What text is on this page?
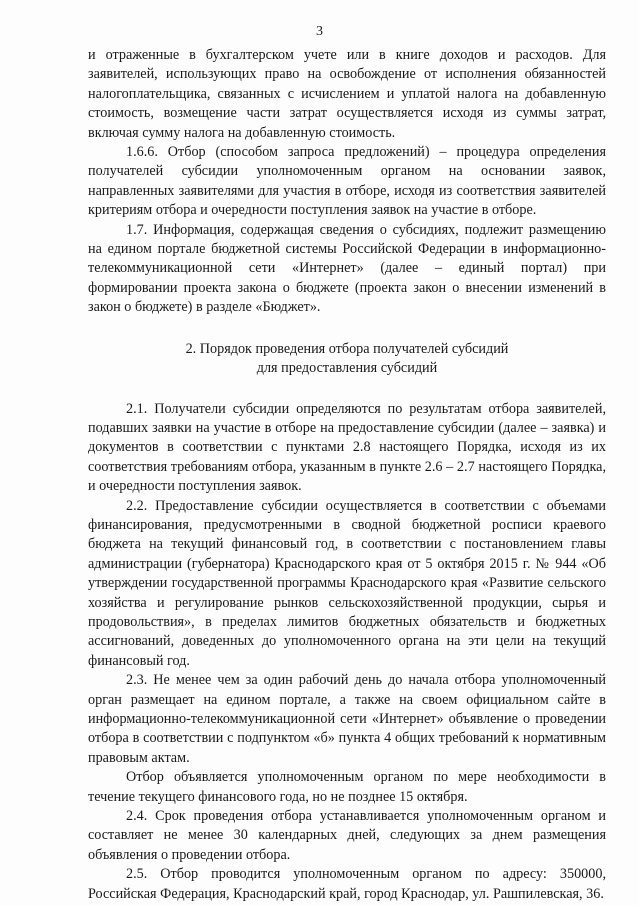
3

и отраженные в бухгалтерском учете или в книге доходов и расходов. Для заявителей, использующих право на освобождение от исполнения обязанностей налогоплательщика, связанных с исчислением и уплатой налога на добавленную стоимость, возмещение части затрат осуществляется исходя из суммы затрат, включая сумму налога на добавленную стоимость.

1.6.6. Отбор (способом запроса предложений) – процедура определения получателей субсидии уполномоченным органом на основании заявок, направленных заявителями для участия в отборе, исходя из соответствия заявителей критериям отбора и очередности поступления заявок на участие в отборе.

1.7. Информация, содержащая сведения о субсидиях, подлежит размещению на едином портале бюджетной системы Российской Федерации в информационно-телекоммуникационной сети «Интернет» (далее – единый портал) при формировании проекта закона о бюджете (проекта закон о внесении изменений в закон о бюджете) в разделе «Бюджет».

2. Порядок проведения отбора получателей субсидий
для предоставления субсидий

2.1. Получатели субсидии определяются по результатам отбора заявителей, подавших заявки на участие в отборе на предоставление субсидии (далее – заявка) и документов в соответствии с пунктами 2.8 настоящего Порядка, исходя из их соответствия требованиям отбора, указанным в пункте 2.6 – 2.7 настоящего Порядка, и очередности поступления заявок.

2.2. Предоставление субсидии осуществляется в соответствии с объемами финансирования, предусмотренными в сводной бюджетной росписи краевого бюджета на текущий финансовый год, в соответствии с постановлением главы администрации (губернатора) Краснодарского края от 5 октября 2015 г. № 944 «Об утверждении государственной программы Краснодарского края «Развитие сельского хозяйства и регулирование рынков сельскохозяйственной продукции, сырья и продовольствия», в пределах лимитов бюджетных обязательств и бюджетных ассигнований, доведенных до уполномоченного органа на эти цели на текущий финансовый год.

2.3. Не менее чем за один рабочий день до начала отбора уполномоченный орган размещает на едином портале, а также на своем официальном сайте в информационно-телекоммуникационной сети «Интернет» объявление о проведении отбора в соответствии с подпунктом «б» пункта 4 общих требований к нормативным правовым актам.

Отбор объявляется уполномоченным органом по мере необходимости в течение текущего финансового года, но не позднее 15 октября.

2.4. Срок проведения отбора устанавливается уполномоченным органом и составляет не менее 30 календарных дней, следующих за днем размещения объявления о проведении отбора.

2.5. Отбор проводится уполномоченным органом по адресу: 350000, Российская Федерация, Краснодарский край, город Краснодар, ул. Рашпилевская, 36.
